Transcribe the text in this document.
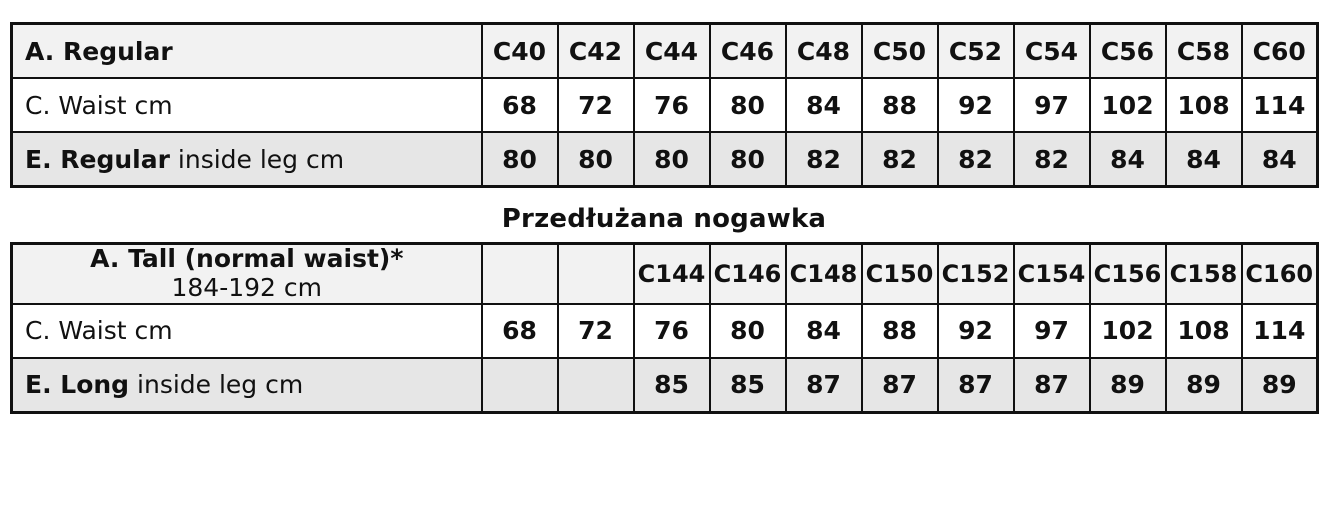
A. Regular	C40	C42	C44	C46	C48	C50	C52	C54	C56	C58	C60
C. Waist cm	68	72	76	80	84	88	92	97	102	108	114
E. Regular inside leg cm	80	80	80	80	82	82	82	82	84	84	84
Przedłużana nogawka
A. Tall (normal waist)*
184-192 cm			C144	C146	C148	C150	C152	C154	C156	C158	C160
C. Waist cm	68	72	76	80	84	88	92	97	102	108	114
E. Long inside leg cm			85	85	87	87	87	87	89	89	89
